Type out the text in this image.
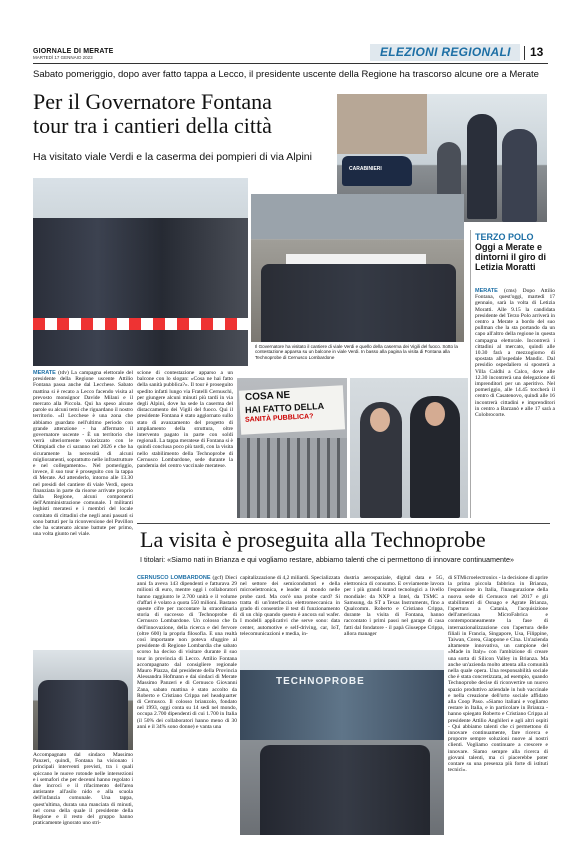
GIORNALE DI MERATE
MARTEDÌ 17 GENNAIO 2023	ELEZIONI REGIONALI 13
Sabato pomeriggio, dopo aver fatto tappa a Lecco, il presidente uscente della Regione ha trascorso alcune ore a Merate
Per il Governatore Fontana
tour tra i cantieri della città
Ha visitato viale Verdi e la caserma dei pompieri di via Alpini
CARABINIERI
Il Governatore ha visitato il cantiere di viale Verdi e quello della caserma dei Vigili del fuoco. Sotto la contestazione apparsa su un balcone in viale Verdi. In basso alla pagina la visita di Fontana alla Technoprobe di Cernusco Lombardone
COSA NE
HAI FATTO DELLA
SANITÀ PUBBLICA?
TERZO POLO
Oggi a Merate e dintorni il giro di Letizia Moratti
MERATE (cms) Dopo Attilio Fontana, quest'oggi, martedì 17 gennaio, sarà la volta di Letizia Moratti. Alle 9.15 la candidata presidente del Terzo Polo arriverà in centro a Merate a bordo del suo pullman che la sta portando da un capo all'altro della regione in questa campagna elettorale. Incontrerà i cittadini al mercato, quindi alle 10.30 farà a mezzogiorno di spostata all'ospedale Mandic. Dal presidio ospedaliero si sposterà a Villa Caldhi a Calco, dove alle 12.30 incontrerà una delegazione di imprenditori per un aperitivo. Nel pomeriggio, alle 14.45 toccherà il centro di Casatenovo, quindi alle 16 incontrerà cittadini e imprenditori in centro a Barzanò e alle 17 sarà a Colobrocorte.
MERATE (tdv) La campagna elettorale del presidente della Regione uscente Attilio Fontana passa anche dal Lecchese. Sabato mattina si è recato a Lecco facendo visita al prevosto monsignor Davide Milani e il mercato alla Piccola. Qui ha speso alcune parole su alcuni temi che riguardano il nostro territorio. «Il Lecchese è una zona che abbiamo guardato nell'ultimo periodo con grande attenzione - ha affermato il governatore uscente - È un territorio che verrà ulteriormente valorizzato con le Olimpiadi che ci saranno nel 2026 e che ha sicuramente la necessità di alcuni miglioramenti, soprattutto nelle infrastrutture e nel collegamento». Nel pomeriggio, invece, il suo tour è proseguito con la tappa di Merate. Ad attenderlo, intorno alle 13.30 nel presidi del cantiere di viale Verdi, opera finanziata in parte da risorse arrivate proprio dalla Regione, alcuni componenti dell'Amministrazione comunale. I militanti leghisti meratesi e i membri del locale comitato di cittadini che negli anni passati si sono battuti per la riconversione del Pavillon che ha scatenato alcune battute per primo, una volta giunto nel viale.
scione di contestazione apparso a un balcone con lo slogan: «Cosa ne hai fatto della sanità pubblica?». Il tour è proseguito spedito infatti lungo via Fratelli Cernuschi, per giungere alcuni minuti più tardi in via degli Alpini, dove ha sede la caserma del distaccamento dei Vigili del fuoco. Qui il presidente Fontana è stato aggiornato sullo stato di avanzamento del progetto di ampliamento della struttura, oltre intervento pagato in parte con soldi regionali. La tappa meratese di Fontana si è quindi conclusa poco più tardi, con la visita nello stabilimento della Technoprobe di Cernusco Lombardone, sede durante la pandemia del centro vaccinale meratese.
Accompagnato dal sindaco Massimo Panzeri, quindi, Fontana ha visionato i principali interventi previsti, tra i quali spiccano le nuove rotonde nelle intersezioni e i semafori che per decenni hanno regolato i due incroci e il rifacimento dell'area antistante all'asilo nido e alla scuola dell'infanzia comunale. Una tappa, quest'ultima, durata una manciata di minuti, nel corso della quale il presidente della Regione e il resto del gruppo hanno praticamente ignorato uno stri-
La visita è proseguita alla Technoprobe
I titolari: «Siamo nati in Brianza e qui vogliamo restare, abbiamo talenti che ci permettono di innovare continuamente»
CERNUSCO LOMBARDONE (gcf) Dieci anni fa aveva 143 dipendenti e fatturava 29 milioni di euro, mentre oggi i collaboratori hanno raggiunto le 2.700 unità e il volume d'affari è volato a quota 550 milioni. Bastano queste cifre per raccontare la straordinaria storia di successo di Technoprobe di Cernusco Lombardone. Un colosso che fa dell'innovazione, della ricerca e del fervore (oltre 600) la propria filosofia. E una realtà così importante non poteva sfuggire al presidente di Regione Lombardia che sabato scorso ha deciso di visitare durante il suo tour in provincia di Lecco. Attilio Fontana accompagnato dal consigliere regionale Mauro Piazza, dal presidente della Provincia Alessandra Hofmann e dai sindaci di Merate Massimo Panzeri e di Cernusco Giovanni Zana, sabato mattina è stato accolto da Roberto e Cristiano Crippa nel headquarter di Cernusco. Il colosso brianzolo, fondato nel 1993, oggi conta su 14 sedi nel mondo, occupa 2.700 dipendenti di cui 1.700 in Italia (il 50% dei collaboratori hanno meno di 30 anni e il 34% sono donne) e vanta una
capitalizzazione di 4,2 miliardi. Specializzata nel settore dei semiconduttori e della microelettronica, e leader al mondo nelle probe card. Ma cos'è una probe card? Si tratta di un'interfaccia elettromeccanica in grado di consentire il test di funzionamento di un chip quando questo è ancora sul wafer. I modelli applicativi che serve sono: data center, automotive e self-driving, car, IoT, telecomunicazioni e media, in-
dustria aerospaziale, digital data e 5G, elettronica di consumo. E ovviamente lavora per i più grandi brand tecnologici a livello mondiale: da NXP a Intel, da TSMC a Samsung, da ST a Texas Instruments, fino a Qualcomm. Roberto e Cristiano Crippa, durante la visita di Fontana, hanno raccontato i primi passi nel garage di casa fatti dal fondatore - il papà Giuseppe Crippa, allora manager
di STMicroelectronics - la decisione di aprire la prima piccola fabbrica in Brianza, l'espansione in Italia, l'inaugurazione della nuova sede di Cernusco nel 2017 e gli stabilimenti di Osnago e Agrate Brianza, l'apertura a Catania, l'acquisizione dell'americana MicroFabrica e contemporaneamente la fase di internazionalizzazione con l'apertura delle filiali in Francia, Singapore, Usa, Filippine, Taiwan, Corea, Giappone e Cina. Un'azienda altamente innovativa, un campione del «Made in Italy» con l'ambizione di creare una sorta di Silicon Valley in Brianza. Ma anche un'azienda molto attenta alla comunità nella quale opera. Una responsabilità sociale che è stata concretizzata, ad esempio, quando Technoprobe decise di riconvertire un nuovo spazio produttivo aziendale in hub vaccinale e nella creazione dell'orto sociale affidato alla Coop Paso. «Siamo italiani e vogliamo restare in Italia, e in particolare in Brianza - hanno spiegato Roberto e Cristiano Crippa al presidente Attilio Anghileri e agli altri ospiti - Qui abbiamo talenti che ci permettono di innovare continuamente, fare ricerca e proporre sempre soluzioni nuove ai nostri clienti. Vogliamo continuare a crescere e innovare. Siamo sempre alla ricerca di giovani talenti, ma ci piacerebbe poter contare su una presenza più forte di istituti tecnici».
TECHNOPROBE
